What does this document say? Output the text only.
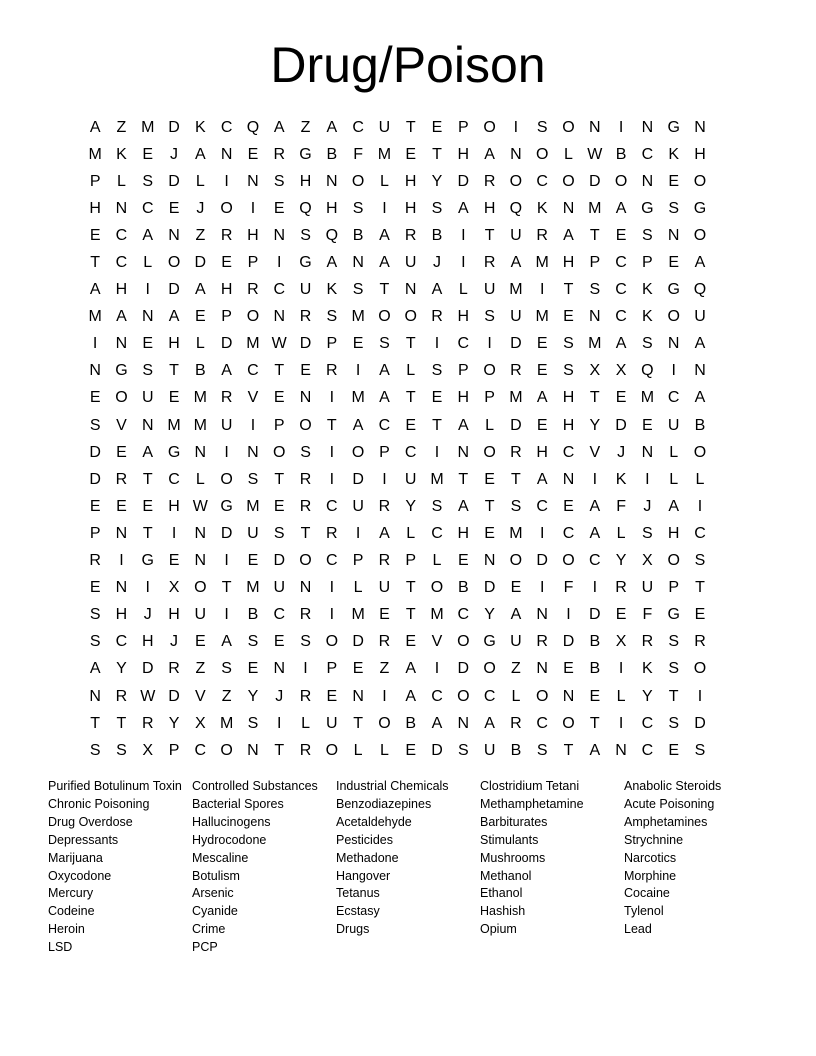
Drug/Poison
A	Z M D K C Q A	Z	A C U T	E P O	I	S O N	I	N G N
M K E	J	A N E R G B	F M E	T H A N O L W B C K H
P	L	S D	L	I	N S H N O L	H Y D R O C O D O N E O
H N C E	J	O	I	E Q H S	I	H S A H Q K N M A G S G
E C A N Z R H N S Q B A R B	I	T U R A	T	E S N O
T C	L O D E P	I	G A N A U	J	I	R A M H P C P E A
A H	I	D A H R C U K S	T N A	L	U M	I	T	S C K G Q
M A N A E P O N R S M O O R H S U M E N C K O U
I	N E H	L	D M W D P E S	T	I	C	I	D E S M A S N A
N G S	T	B A C T	E R	I	A	L	S P O R E S X X Q	I	N
E O U E M R V E N	I	M A	T	E H P M A H T	E M C A
S V N M M U	I	P O T	A C E	T	A	L	D E H Y D E U B
D E A G N	I	N O S	I	O P C	I	N O R H C V	J	N	L O
D R T C	L O S	T R	I	D	I	U M T	E	T	A N	I	K	I	L	L
E E E H W G M E R C U R Y S A	T	S C E A	F	J	A	I
P N T	I	N D U S	T R	I	A	L	C H E M	I	C A	L	S H C
R	I	G E N	I	E D O C P R P	L	E N O D O C Y X O S
E N	I	X O T M U N	I	L	U T O B D E	I	F	I	R U P	T
S H	J	H U	I	B C R	I	M E	T M C Y A N	I	D E	F G E
S C H	J	E A S E S O D R E V O G U R D B X R S R
A Y D R Z	S E N	I	P E	Z	A	I	D O Z N E B	I	K S O
N R W D V	Z	Y	J	R E N	I	A C O C	L O N E	L	Y	T	I
T	T R Y X M S	I	L	U T O B A N A R C O T	I	C S D
S S X P C O N T R O L	L	E D S U B S	T	A N C E S
Purified Botulinum Toxin
Chronic Poisoning
Drug Overdose
Depressants
Marijuana
Oxycodone
Mercury
Codeine
Heroin
LSD
Controlled Substances
Bacterial Spores
Hallucinogens
Hydrocodone
Mescaline
Botulism
Arsenic
Cyanide
Crime
PCP
Industrial Chemicals
Benzodiazepines
Acetaldehyde
Pesticides
Methadone
Hangover
Tetanus
Ecstasy
Drugs
Clostridium Tetani
Methamphetamine
Barbiturates
Stimulants
Mushrooms
Methanol
Ethanol
Hashish
Opium
Anabolic Steroids
Acute Poisoning
Amphetamines
Strychnine
Narcotics
Morphine
Cocaine
Tylenol
Lead
